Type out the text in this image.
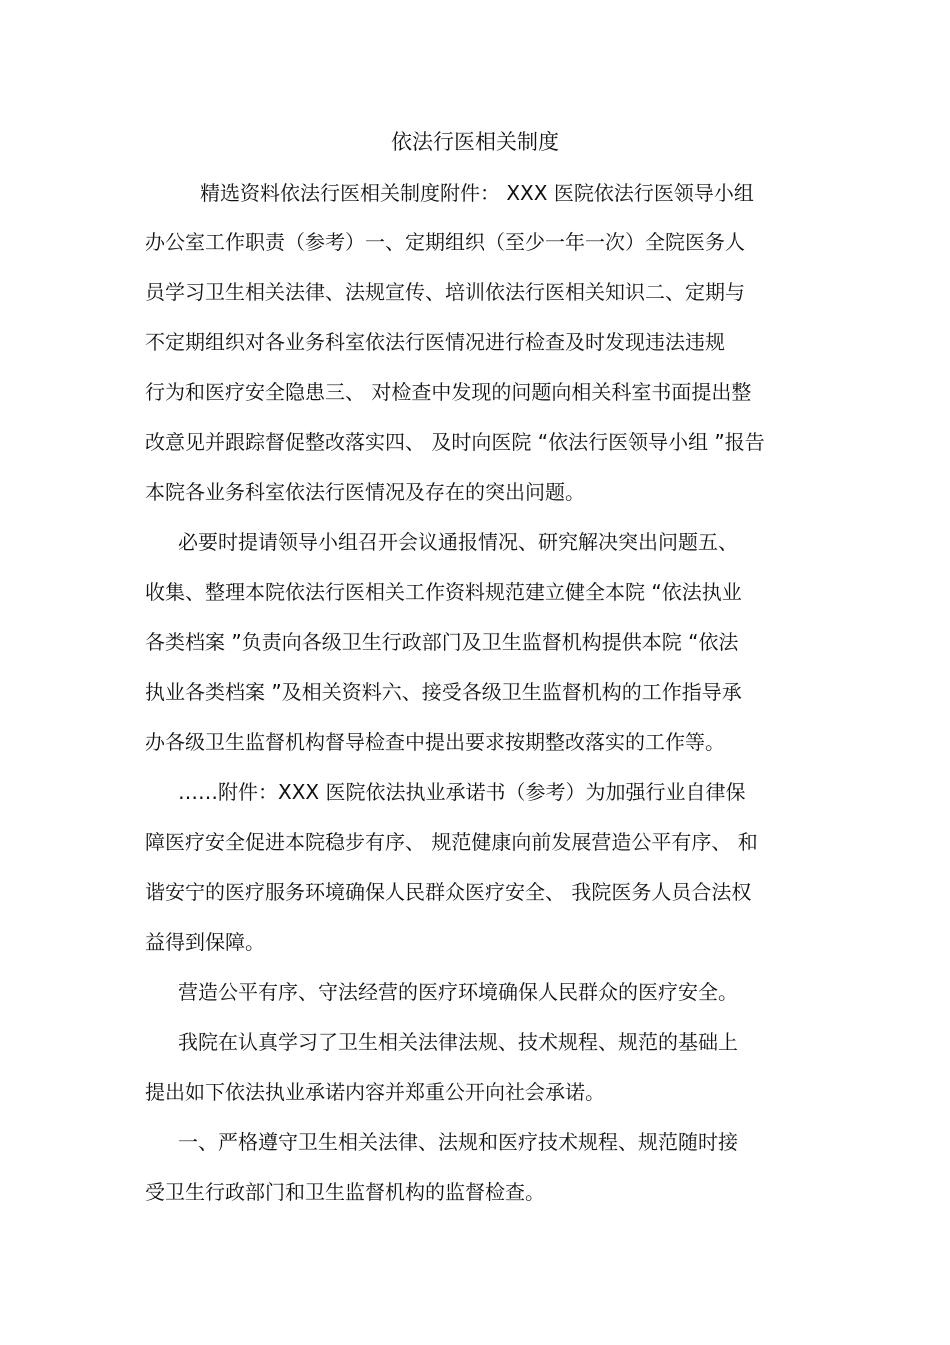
依法行医相关制度

精选资料依法行医相关制度附件： XXX 医院依法行医领导小组

办公室工作职责（参考）一、定期组织（至少一年一次）全院医务人

员学习卫生相关法律、法规宣传、培训依法行医相关知识二、定期与

不定期组织对各业务科室依法行医情况进行检查及时发现违法违规

行为和医疗安全隐患三、 对检查中发现的问题向相关科室书面提出整

改意见并跟踪督促整改落实四、 及时向医院 “依法行医领导小组 ”报告

本院各业务科室依法行医情况及存在的突出问题。

必要时提请领导小组召开会议通报情况、研究解决突出问题五、

收集、整理本院依法行医相关工作资料规范建立健全本院 “依法执业

各类档案 ”负责向各级卫生行政部门及卫生监督机构提供本院 “依法

执业各类档案 ”及相关资料六、接受各级卫生监督机构的工作指导承

办各级卫生监督机构督导检查中提出要求按期整改落实的工作等。

……附件：XXX 医院依法执业承诺书（参考）为加强行业自律保

障医疗安全促进本院稳步有序、 规范健康向前发展营造公平有序、 和

谐安宁的医疗服务环境确保人民群众医疗安全、 我院医务人员合法权

益得到保障。

营造公平有序、守法经营的医疗环境确保人民群众的医疗安全。

我院在认真学习了卫生相关法律法规、技术规程、规范的基础上

提出如下依法执业承诺内容并郑重公开向社会承诺。

一、严格遵守卫生相关法律、法规和医疗技术规程、规范随时接

受卫生行政部门和卫生监督机构的监督检查。
